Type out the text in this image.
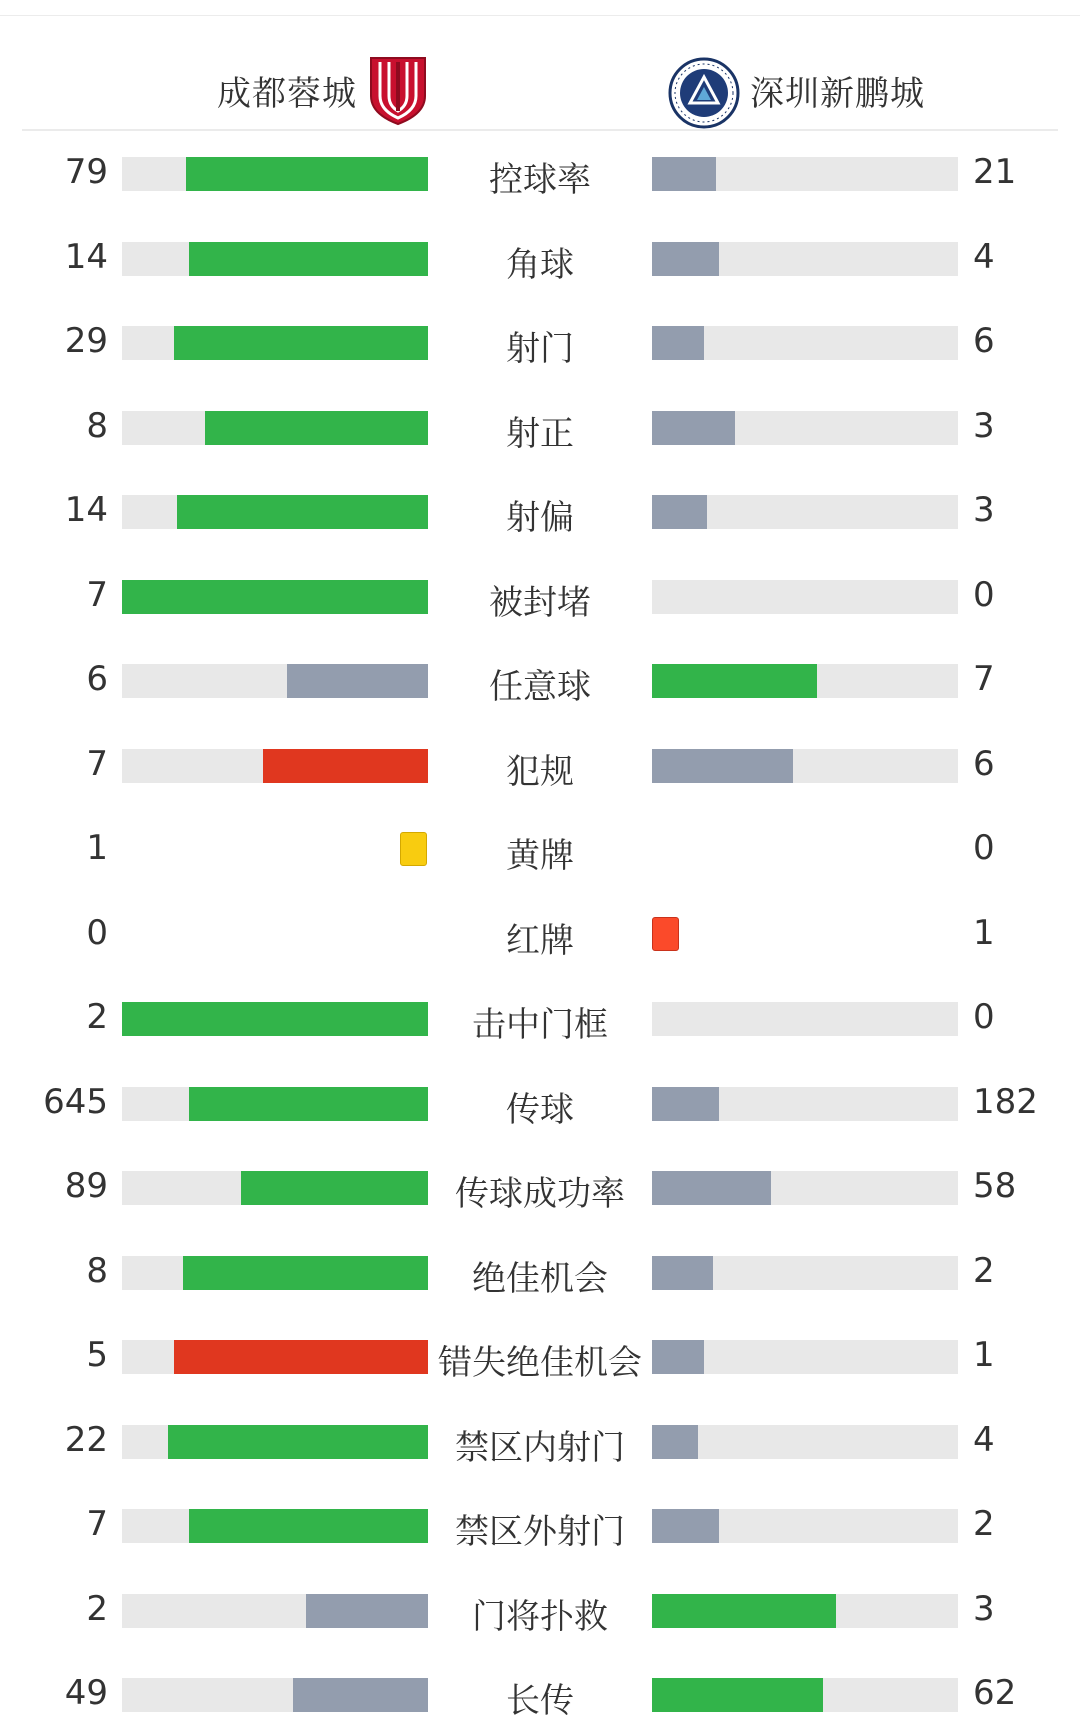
成都蓉城	深圳新鹏城
79	控球率	21
14	角球	4
29	射门	6
8	射正	3
14	射偏	3
7	被封堵	0
6	任意球	7
7	犯规	6
1	黄牌	0
0	红牌	1
2	击中门框	0
645	传球	182
89	传球成功率	58
8	绝佳机会	2
5	错失绝佳机会	1
22	禁区内射门	4
7	禁区外射门	2
2	门将扑救	3
49	长传	62
